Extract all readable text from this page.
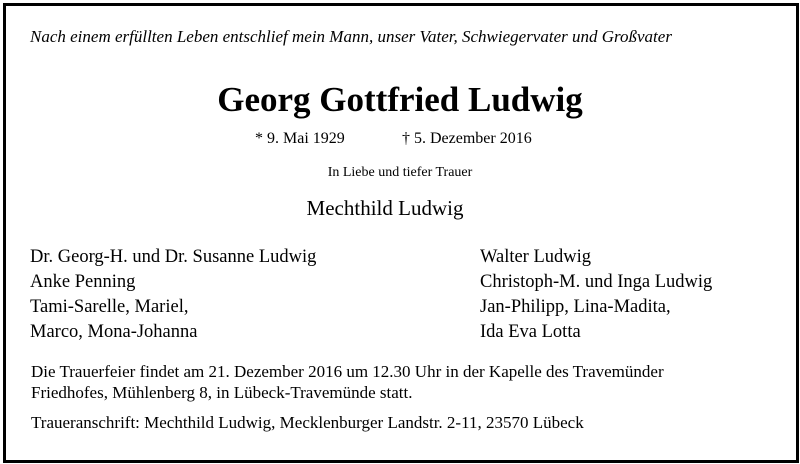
Nach einem erfüllten Leben entschlief mein Mann, unser Vater, Schwiegervater und Großvater
Georg Gottfried Ludwig
* 9. Mai 1929	† 5. Dezember 2016
In Liebe und tiefer Trauer
Mechthild Ludwig
Dr. Georg-H. und Dr. Susanne Ludwig
Anke Penning
Tami-Sarelle, Mariel,
Marco, Mona-Johanna
Walter Ludwig
Christoph-M. und Inga Ludwig
Jan-Philipp, Lina-Madita,
Ida Eva Lotta
Die Trauerfeier findet am 21. Dezember 2016 um 12.30 Uhr in der Kapelle des Travemünder
Friedhofes, Mühlenberg 8, in Lübeck-Travemünde statt.
Traueranschrift: Mechthild Ludwig, Mecklenburger Landstr. 2-11, 23570 Lübeck
